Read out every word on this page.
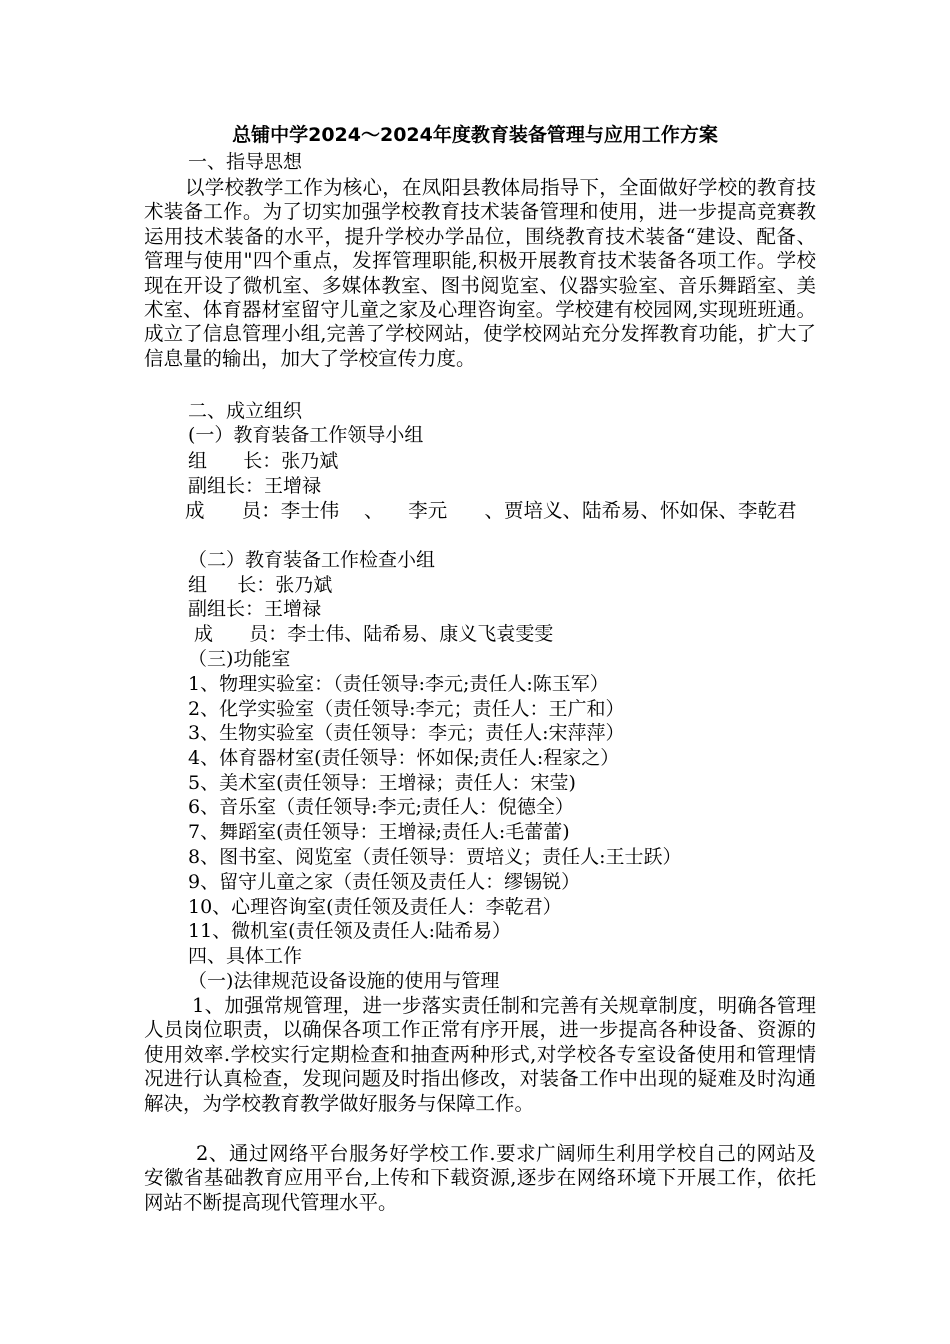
总铺中学2024～2024年度教育装备管理与应用工作方案
一、指导思想
以学校教学工作为核心，在凤阳县教体局指导下，全面做好学校的教育技术装备工作。为了切实加强学校教育技术装备管理和使用，进一步提高竞赛教运用技术装备的水平，提升学校办学品位，围绕教育技术装备“建设、配备、管理与使用"四个重点，发挥管理职能,积极开展教育技术装备各项工作。学校现在开设了微机室、多媒体教室、图书阅览室、仪器实验室、音乐舞蹈室、美术室、体育器材室留守儿童之家及心理咨询室。学校建有校园网,实现班班通。成立了信息管理小组,完善了学校网站，使学校网站充分发挥教育功能，扩大了信息量的输出，加大了学校宣传力度。
二、成立组织
(一）教育装备工作领导小组
组      长：张乃斌
副组长：王增禄
成      员：李士伟    、    李元      、贾培义、陆希易、怀如保、李乾君
（二）教育装备工作检查小组
组     长：张乃斌
副组长：王增禄
成      员：李士伟、陆希易、康义飞袁雯雯
（三)功能室
1、物理实验室：（责任领导:李元;责任人:陈玉军）
2、化学实验室（责任领导:李元；责任人：王广和）
3、生物实验室（责任领导：李元；责任人:宋萍萍）
4、体育器材室(责任领导：怀如保;责任人:程家之）
5、美术室(责任领导：王增禄；责任人：宋莹)
6、音乐室（责任领导:李元;责任人：倪德全）
7、舞蹈室(责任领导：王增禄;责任人:毛蕾蕾)
8、图书室、阅览室（责任领导：贾培义；责任人:王士跃）
9、留守儿童之家（责任领及责任人：缪锡锐）
10、心理咨询室(责任领及责任人：李乾君）
11、微机室(责任领及责任人:陆希易）
四、具体工作
（一)法律规范设备设施的使用与管理
1、加强常规管理，进一步落实责任制和完善有关规章制度，明确各管理人员岗位职责，以确保各项工作正常有序开展，进一步提高各种设备、资源的使用效率.学校实行定期检查和抽查两种形式,对学校各专室设备使用和管理情况进行认真检查，发现问题及时指出修改，对装备工作中出现的疑难及时沟通解决，为学校教育教学做好服务与保障工作。
2、通过网络平台服务好学校工作.要求广阔师生利用学校自己的网站及安徽省基础教育应用平台,上传和下载资源,逐步在网络环境下开展工作，依托网站不断提高现代管理水平。
